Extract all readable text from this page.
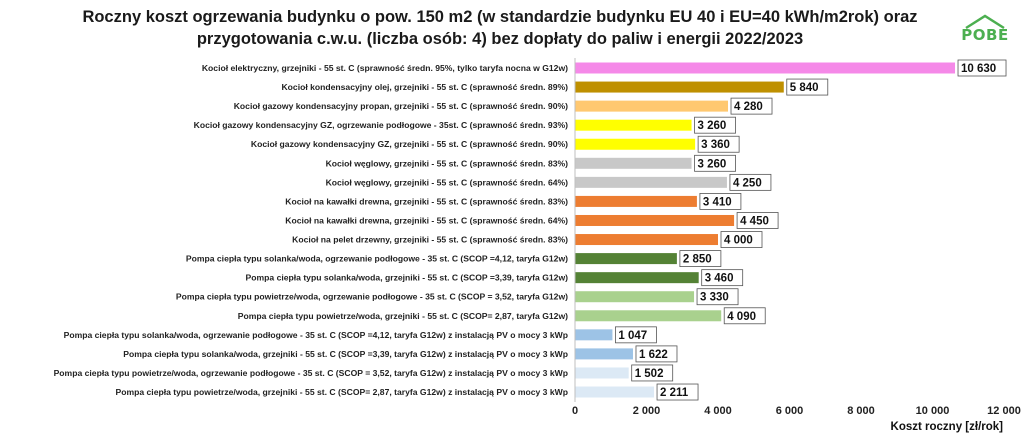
Roczny koszt ogrzewania budynku o pow. 150 m2 (w standardzie budynku EU 40 i EU=40 kWh/m2rok) oraz
przygotowania c.w.u. (liczba osób: 4) bez dopłaty do paliw i energii 2022/2023	POBE
Kocioł elektryczny, grzejniki - 55 st. C (sprawność średn. 95%, tylko taryfa nocna w G12w)	10 630
Kocioł kondensacyjny olej, grzejniki - 55 st. C (sprawność średn. 89%)	5 840
Kocioł gazowy kondensacyjny propan, grzejniki - 55 st. C (sprawność średn. 90%)	4 280
Kocioł gazowy kondensacyjny GZ, ogrzewanie podłogowe - 35st. C (sprawność średn. 93%)	3 260
Kocioł gazowy kondensacyjny GZ, grzejniki - 55 st. C (sprawność średn. 90%)	3 360
Kocioł węglowy, grzejniki - 55 st. C (sprawność średn. 83%)	3 260
Kocioł węglowy, grzejniki - 55 st. C (sprawność średn. 64%)	4 250
Kocioł na kawałki drewna, grzejniki - 55 st. C (sprawność średn. 83%)	3 410
Kocioł na kawałki drewna, grzejniki - 55 st. C (sprawność średn. 64%)	4 450
Kocioł na pelet drzewny, grzejniki - 55 st. C (sprawność średn. 83%)	4 000
Pompa ciepła typu solanka/woda, ogrzewanie podłogowe - 35 st. C (SCOP =4,12, taryfa G12w)	2 850
Pompa ciepła typu solanka/woda, grzejniki - 55 st. C (SCOP =3,39, taryfa G12w)	3 460
Pompa ciepła typu powietrze/woda, ogrzewanie podłogowe - 35 st. C (SCOP = 3,52, taryfa G12w)	3 330
Pompa ciepła typu powietrze/woda, grzejniki - 55 st. C (SCOP= 2,87, taryfa G12w)	4 090
Pompa ciepła typu solanka/woda, ogrzewanie podłogowe - 35 st. C (SCOP =4,12, taryfa G12w) z instalacją PV o mocy 3 kWp	1 047
Pompa ciepła typu solanka/woda, grzejniki - 55 st. C (SCOP =3,39, taryfa G12w) z instalacją PV o mocy 3 kWp	1 622
Pompa ciepła typu powietrze/woda, ogrzewanie podłogowe - 35 st. C (SCOP = 3,52, taryfa G12w) z instalacją PV o mocy 3 kWp	1 502
Pompa ciepła typu powietrze/woda, grzejniki - 55 st. C (SCOP= 2,87, taryfa G12w) z instalacją PV o mocy 3 kWp	2 211
0	2 000	4 000	6 000	8 000	10 000	12 000
Koszt roczny [zł/rok]
